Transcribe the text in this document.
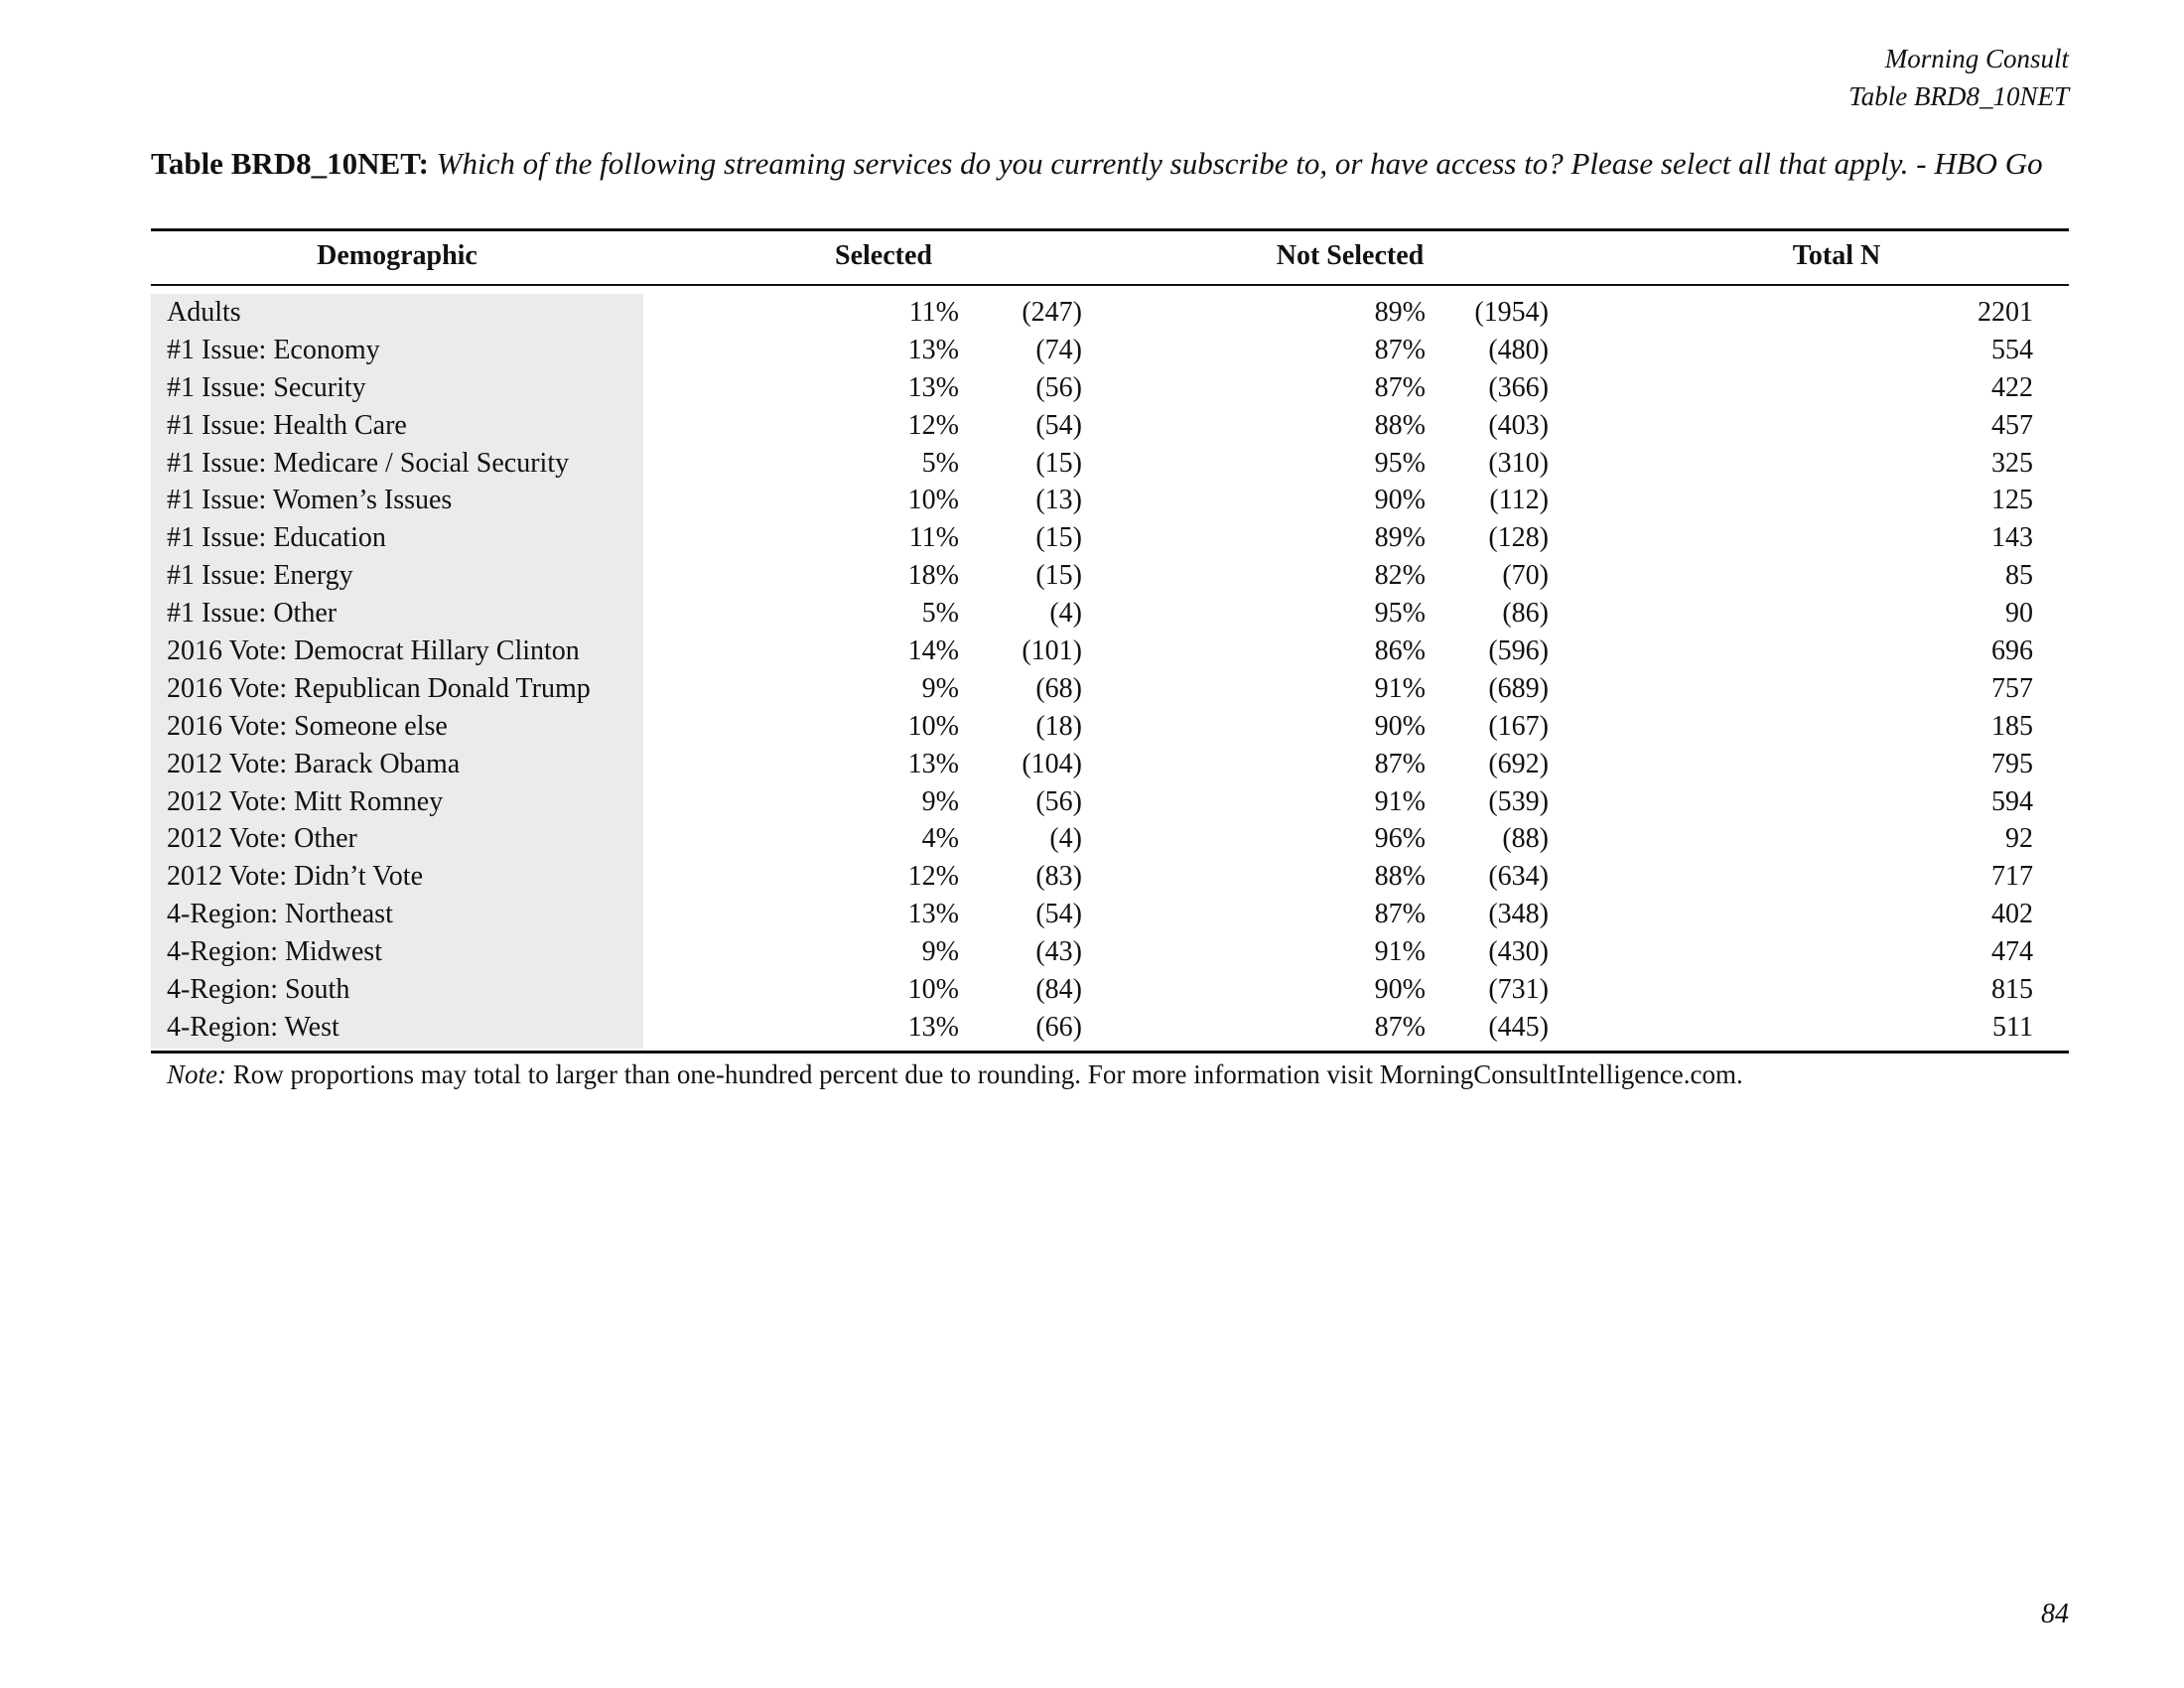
Morning Consult
Table BRD8_10NET
Table BRD8_10NET: Which of the following streaming services do you currently subscribe to, or have access to? Please select all that apply. - HBO Go
Demographic	Selected	Not Selected	Total N
Adults	11% (247)	89% (1954)	2201
#1 Issue: Economy	13%	(74)	87% (480)	554
#1 Issue: Security	13%	(56)	87% (366)	422
#1 Issue: Health Care	12%	(54)	88% (403)	457
#1 Issue: Medicare / Social Security	5%	(15)	95% (310)	325
#1 Issue: Women’s Issues	10%	(13)	90% (112)	125
#1 Issue: Education	11%	(15)	89% (128)	143
#1 Issue: Energy	18%	(15)	82%	(70)	85
#1 Issue: Other	5%	(4)	95%	(86)	90
2016 Vote: Democrat Hillary Clinton	14% (101)	86% (596)	696
2016 Vote: Republican Donald Trump	9%	(68)	91% (689)	757
2016 Vote: Someone else	10%	(18)	90% (167)	185
2012 Vote: Barack Obama	13% (104)	87% (692)	795
2012 Vote: Mitt Romney	9%	(56)	91% (539)	594
2012 Vote: Other	4%	(4)	96%	(88)	92
2012 Vote: Didn’t Vote	12%	(83)	88% (634)	717
4-Region: Northeast	13%	(54)	87% (348)	402
4-Region: Midwest	9%	(43)	91% (430)	474
4-Region: South	10%	(84)	90% (731)	815
4-Region: West	13%	(66)	87% (445)	511
Note: Row proportions may total to larger than one-hundred percent due to rounding. For more information visit MorningConsultIntelligence.com.
84
